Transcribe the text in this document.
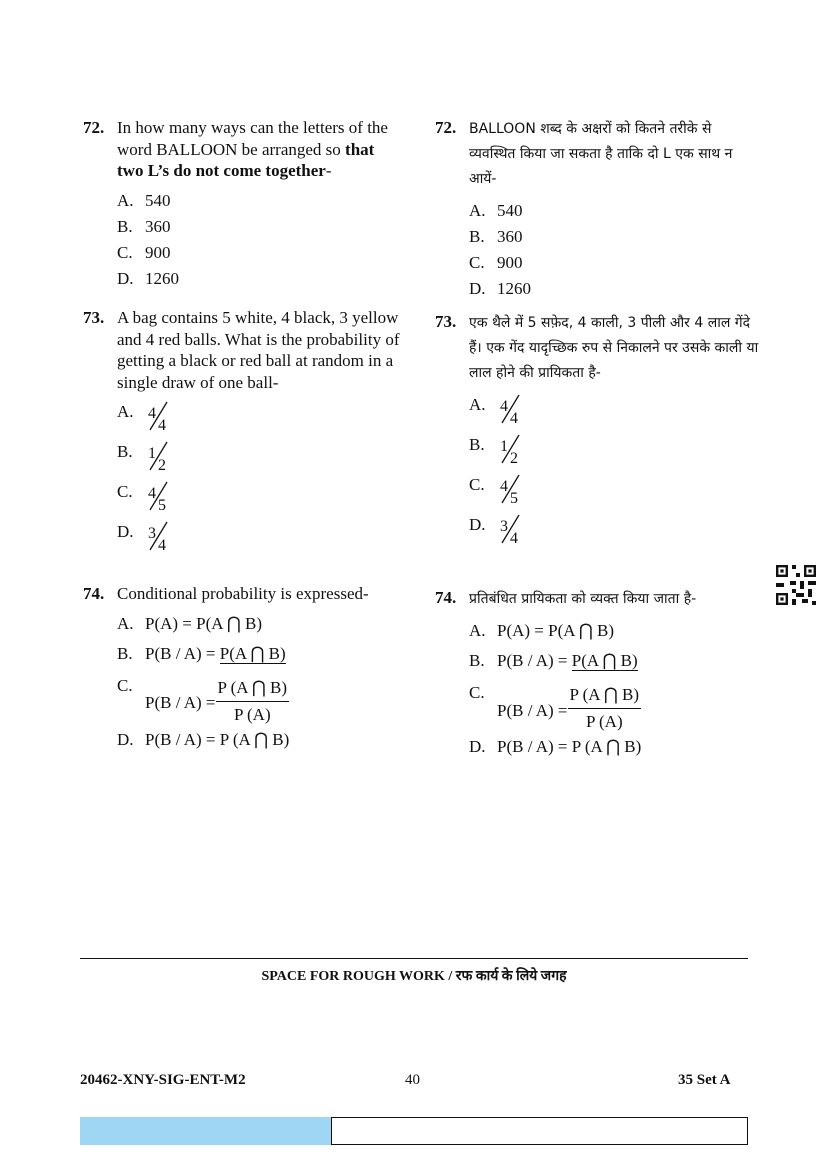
72. In how many ways can the letters of the word BALLOON be arranged so that two L’s do not come together-
A. 540
B. 360
C. 900
D. 1260
73. A bag contains 5 white, 4 black, 3 yellow and 4 red balls. What is the probability of getting a black or red ball at random in a single draw of one ball-
A. 4
4
B. 1
2
C. 4
5
D. 3
4
74. Conditional probability is expressed-
A. P(A) = P(A ⋂ B)
B. P(B / A) = P(A ⋂ B)
C.
$P(B / A) = \frac{P (A ⋂ B)}{P (A)}$
D. P(B / A) = P (A ⋂ B)
72. BALLOON शब्द के अक्षरों को कितने तरीके से व्यवस्थित किया जा सकता है ताकि दो L एक साथ न आयें-
A. 540
B. 360
C. 900
D. 1260
73. एक थैले में 5 सफ़ेद, 4 काली, 3 पीली और 4 लाल गेंदे हैं। एक गेंद यादृच्छिक रुप से निकालने पर उसके काली या लाल होने की प्रायिकता है-
A. 4
4
B. 1
2
C. 4
5
D. 3
4
74. प्रतिबंधित प्रायिकता को व्यक्त किया जाता है-
A. P(A) = P(A ⋂ B)
B. P(B / A) = P(A ⋂ B)
C.
$P(B / A) = \frac{P (A ⋂ B)}{P (A)}$
D. P(B / A) = P (A ⋂ B)
SPACE FOR ROUGH WORK / रफ कार्य के लिये जगह
20462-XNY-SIG-ENT-M2	40	35 Set A
